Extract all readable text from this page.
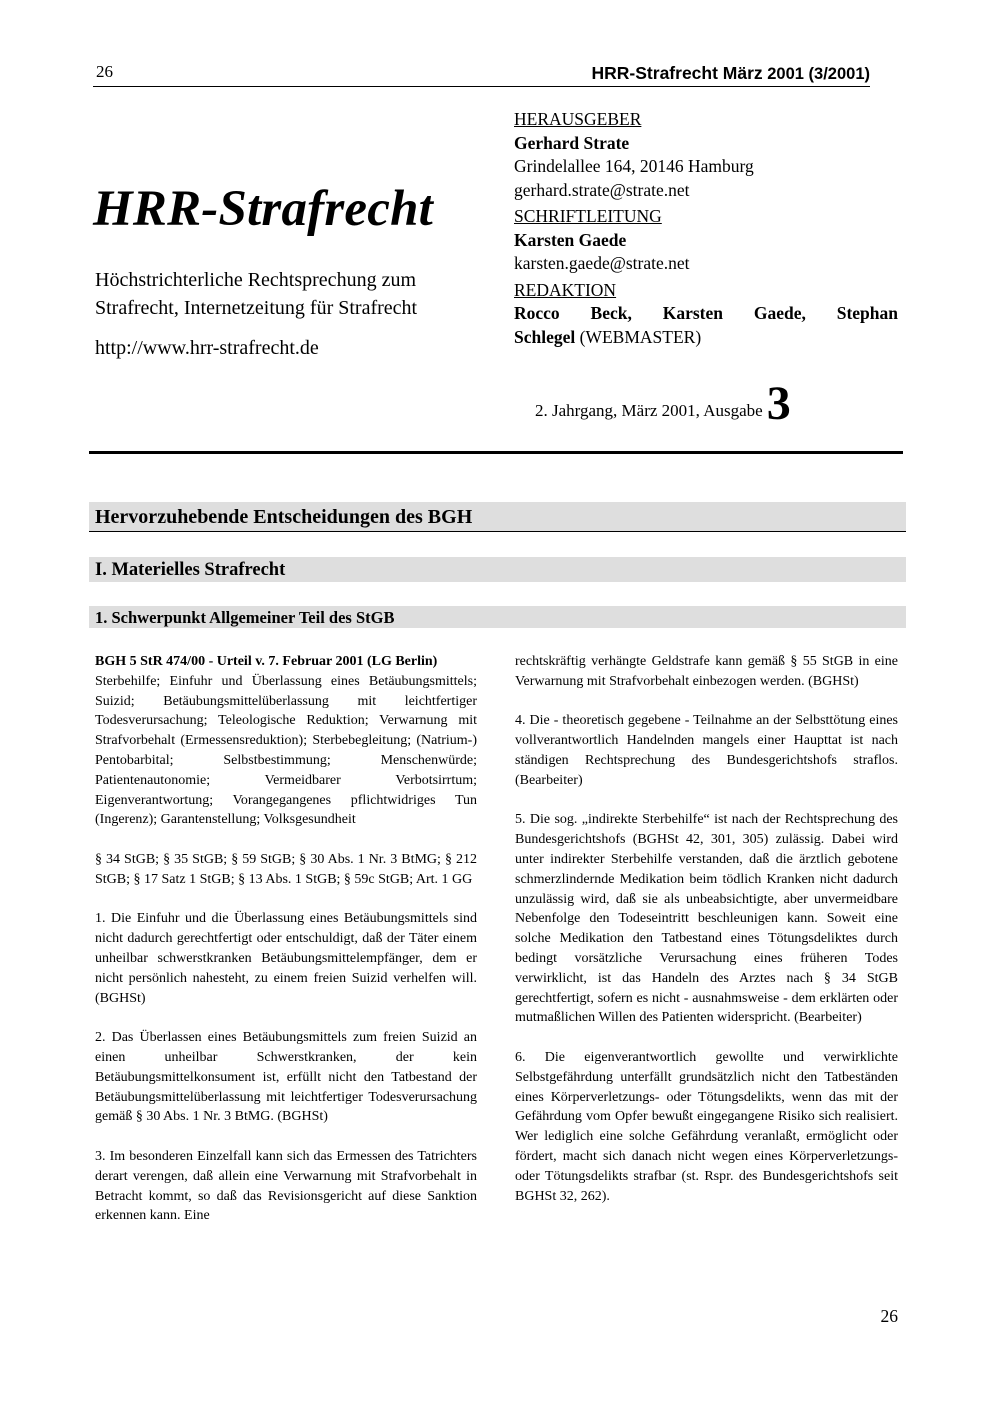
26	HRR-Strafrecht März 2001 (3/2001)
HRR-Strafrecht
Höchstrichterliche Rechtsprechung zum Strafrecht, Internetzeitung für Strafrecht
http://www.hrr-strafrecht.de
HERAUSGEBER
Gerhard Strate
Grindelallee 164, 20146 Hamburg
gerhard.strate@strate.net
SCHRIFTLEITUNG
Karsten Gaede
karsten.gaede@strate.net
REDAKTION
Rocco Beck, Karsten Gaede, Stephan
Schlegel (WEBMASTER)
2. Jahrgang, März 2001, Ausgabe3
Hervorzuhebende Entscheidungen des BGH
I. Materielles Strafrecht
1. Schwerpunkt Allgemeiner Teil des StGB

BGH 5 StR 474/00 - Urteil v. 7. Februar 2001 (LG Berlin)

Sterbehilfe; Einfuhr und Überlassung eines Betäubungsmittels; Suizid; Betäubungsmittelüberlassung mit leichtfertiger Todesverursachung; Teleologische Reduktion; Verwarnung mit Strafvorbehalt (Ermessensreduktion); Sterbebegleitung; (Natrium-) Pentobarbital; Selbstbestimmung; Menschenwürde; Patientenautonomie; Vermeidbarer Verbotsirrtum; Eigenverantwortung; Vorangegangenes pflichtwidriges Tun (Ingerenz); Garantenstellung; Volksgesundheit

§ 34 StGB; § 35 StGB; § 59 StGB; § 30 Abs. 1 Nr. 3 BtMG; § 212 StGB; § 17 Satz 1 StGB; § 13 Abs. 1 StGB; § 59c StGB; Art. 1 GG

1. Die Einfuhr und die Überlassung eines Betäubungsmittels sind nicht dadurch gerechtfertigt oder entschuldigt, daß der Täter einem unheilbar schwerstkranken Betäubungsmittelempfänger, dem er nicht persönlich nahesteht, zu einem freien Suizid verhelfen will. (BGHSt)

2. Das Überlassen eines Betäubungsmittels zum freien Suizid an einen unheilbar Schwerstkranken, der kein Betäubungsmittelkonsument ist, erfüllt nicht den Tatbestand der Betäubungsmittelüberlassung mit leichtfertiger Todesverursachung gemäß § 30 Abs. 1 Nr. 3 BtMG. (BGHSt)

3. Im besonderen Einzelfall kann sich das Ermessen des Tatrichters derart verengen, daß allein eine Verwarnung mit Strafvorbehalt in Betracht kommt, so daß das Revisionsgericht auf diese Sanktion erkennen kann. Eine

rechtskräftig verhängte Geldstrafe kann gemäß § 55 StGB in eine Verwarnung mit Strafvorbehalt einbezogen werden. (BGHSt)

4. Die - theoretisch gegebene - Teilnahme an der Selbsttötung eines vollverantwortlich Handelnden mangels einer Haupttat ist nach ständigen Rechtsprechung des Bundesgerichtshofs straflos. (Bearbeiter)

5. Die sog. „indirekte Sterbehilfe“ ist nach der Rechtsprechung des Bundesgerichtshofs (BGHSt 42, 301, 305) zulässig. Dabei wird unter indirekter Sterbehilfe verstanden, daß die ärztlich gebotene schmerzlindernde Medikation beim tödlich Kranken nicht dadurch unzulässig wird, daß sie als unbeabsichtigte, aber unvermeidbare Nebenfolge den Todeseintritt beschleunigen kann. Soweit eine solche Medikation den Tatbestand eines Tötungsdeliktes durch bedingt vorsätzliche Verursachung eines früheren Todes verwirklicht, ist das Handeln des Arztes nach § 34 StGB gerechtfertigt, sofern es nicht - ausnahmsweise - dem erklärten oder mutmaßlichen Willen des Patienten widerspricht. (Bearbeiter)

6. Die eigenverantwortlich gewollte und verwirklichte Selbstgefährdung unterfällt grundsätzlich nicht den Tatbeständen eines Körperverletzungs- oder Tötungsdelikts, wenn das mit der Gefährdung vom Opfer bewußt eingegangene Risiko sich realisiert. Wer lediglich eine solche Gefährdung veranlaßt, ermöglicht oder fördert, macht sich danach nicht wegen eines Körperverletzungs- oder Tötungsdelikts strafbar (st. Rspr. des Bundesgerichtshofs seit BGHSt 32, 262).

26
